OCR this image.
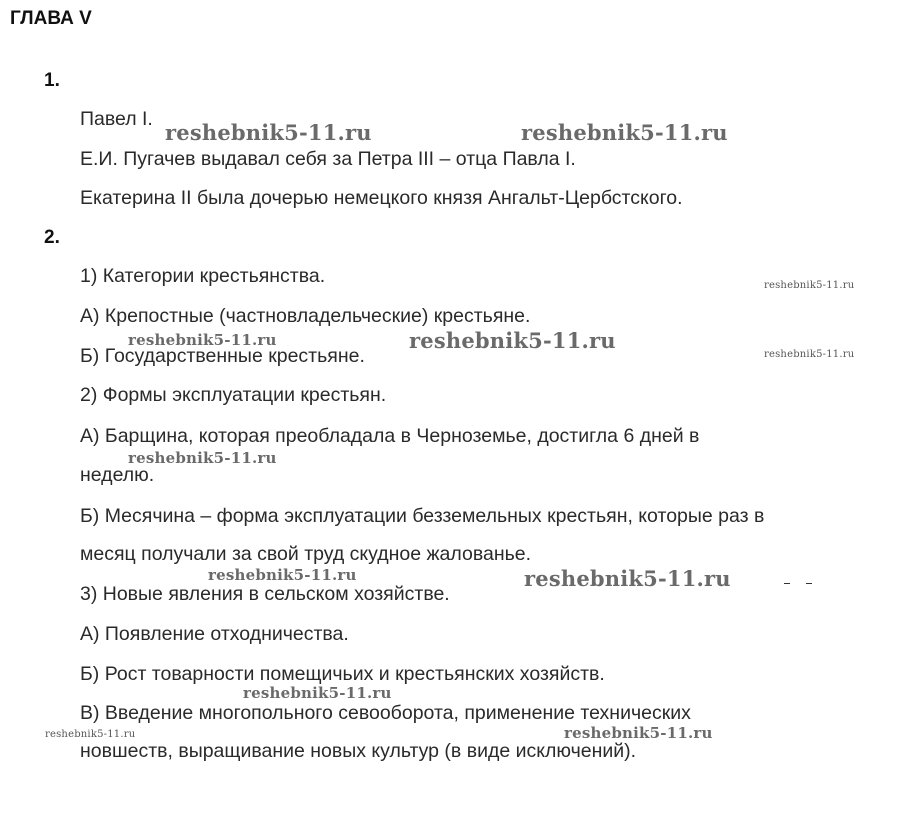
ГЛАВА V
1.
Павел I.
Е.И. Пугачев выдавал себя за Петра III – отца Павла I.
Екатерина II была дочерью немецкого князя Ангальт-Цербстского.
2.
1) Категории крестьянства.
А) Крепостные (частновладельческие) крестьяне.
Б) Государственные крестьяне.
2) Формы эксплуатации крестьян.
А) Барщина, которая преобладала в Черноземье, достигла 6 дней в
неделю.
Б) Месячина – форма эксплуатации безземельных крестьян, которые раз в
месяц получали за свой труд скудное жалованье.
3) Новые явления в сельском хозяйстве.
А) Появление отходничества.
Б) Рост товарности помещичьих и крестьянских хозяйств.
В) Введение многопольного севооборота, применение технических
новшеств, выращивание новых культур (в виде исключений).
reshebnik5-11.ru	reshebnik5-11.ru
reshebnik5-11.ru
reshebnik5-11.ru	reshebnik5-11.ru
reshebnik5-11.ru
reshebnik5-11.ru
reshebnik5-11.ru	reshebnik5-11.ru
reshebnik5-11.ru
reshebnik5-11.ru
reshebnik5-11.ru
